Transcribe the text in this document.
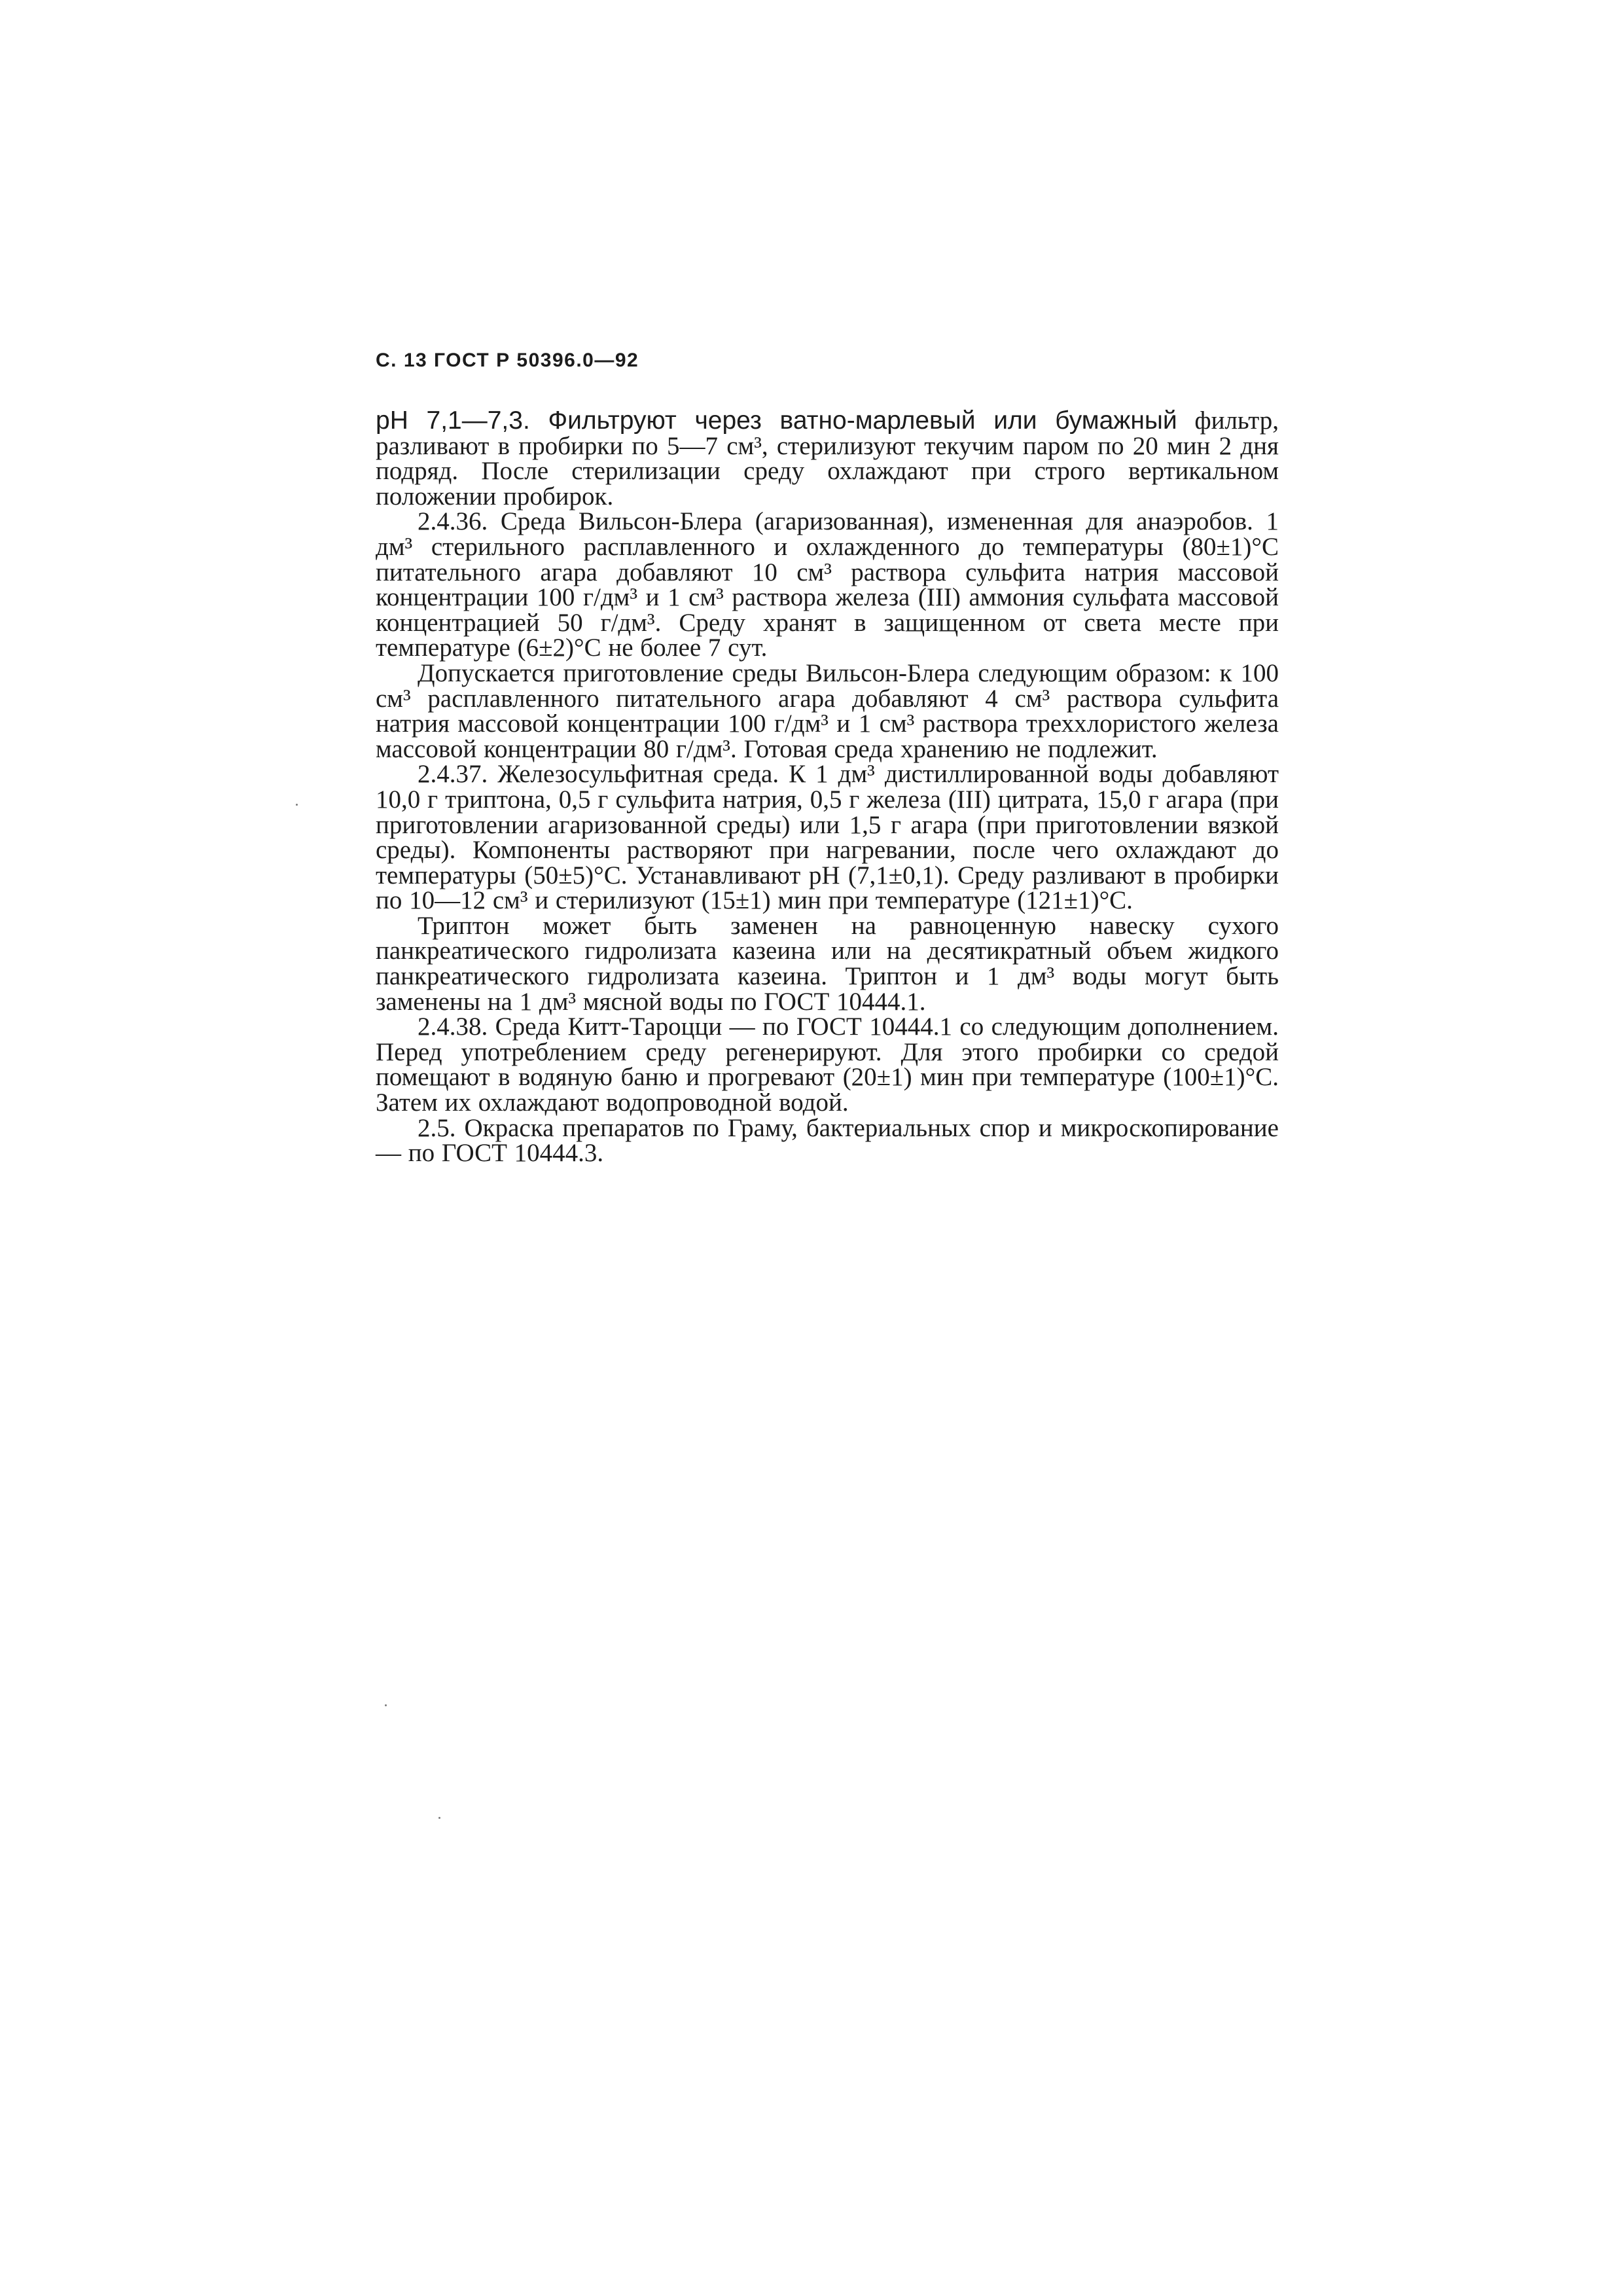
С. 13 ГОСТ Р 50396.0—92

рН 7,1—7,3. Фильтруют через ватно-марлевый или бумажный фильтр, разливают в пробирки по 5—7 см³, стерилизуют текучим паром по 20 мин 2 дня подряд. После стерилизации среду охлаждают при строго вертикальном положении пробирок.

2.4.36. Среда Вильсон-Блера (агаризованная), измененная для анаэробов. 1 дм³ стерильного расплавленного и охлажденного до температуры (80±1)°С питательного агара добавляют 10 см³ раствора сульфита натрия массовой концентрации 100 г/дм³ и 1 см³ раствора железа (III) аммония сульфата массовой концентрацией 50 г/дм³. Среду хранят в защищенном от света месте при температуре (6±2)°С не более 7 сут.

Допускается приготовление среды Вильсон-Блера следующим образом: к 100 см³ расплавленного питательного агара добавляют 4 см³ раствора сульфита натрия массовой концентрации 100 г/дм³ и 1 см³ раствора треххлористого железа массовой концентрации 80 г/дм³. Готовая среда хранению не подлежит.

2.4.37. Железосульфитная среда. К 1 дм³ дистиллированной воды добавляют 10,0 г триптона, 0,5 г сульфита натрия, 0,5 г железа (III) цитрата, 15,0 г агара (при приготовлении агаризованной среды) или 1,5 г агара (при приготовлении вязкой среды). Компоненты растворяют при нагревании, после чего охлаждают до температуры (50±5)°С. Устанавливают рН (7,1±0,1). Среду разливают в пробирки по 10—12 см³ и стерилизуют (15±1) мин при температуре (121±1)°С.

Триптон может быть заменен на равноценную навеску сухого панкреатического гидролизата казеина или на десятикратный объем жидкого панкреатического гидролизата казеина. Триптон и 1 дм³ воды могут быть заменены на 1 дм³ мясной воды по ГОСТ 10444.1.

2.4.38. Среда Китт-Тароцци — по ГОСТ 10444.1 со следующим дополнением. Перед употреблением среду регенерируют. Для этого пробирки со средой помещают в водяную баню и прогревают (20±1) мин при температуре (100±1)°С. Затем их охлаждают водопроводной водой.

2.5. Окраска препаратов по Граму, бактериальных спор и микроскопирование — по ГОСТ 10444.3.
